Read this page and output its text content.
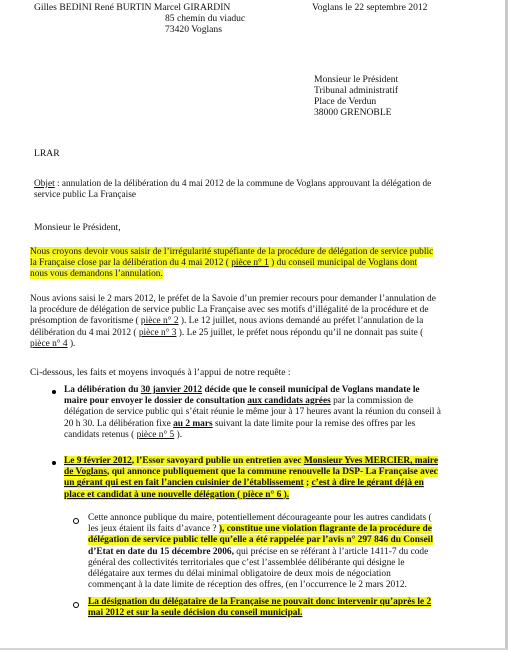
Gilles BEDINI René BURTIN Marcel GIRARDIN
85 chemin du viaduc
73420 Voglans
Voglans le 22 septembre 2012
Monsieur le Président
Tribunal administratif
Place de Verdun
38000 GRENOBLE
LRAR
Objet : annulation de la délibération du 4 mai 2012 de la commune de Voglans approuvant la délégation de
service public La Française
Monsieur le Président,

Nous croyons devoir vous saisir de l’irrégularité stupéfiante de la procédure de délégation de service public

la Française close par la délibération du 4 mai 2012 ( pièce n° 1 ) du conseil municipal de Voglans dont

nous vous demandons l’annulation.

Nous avions saisi le 2 mars 2012, le préfet de la Savoie d’un premier recours pour demander l’annulation de

la procédure de délégation de service public La Française avec ses motifs d’illégalité de la procédure et de

présomption de favoritisme ( pièce n° 2 ). Le 12 juillet, nous avions demandé au préfet l’annulation de la

délibération du 4 mai 2012 ( pièce n° 3 ). Le 25 juillet, le préfet nous répondu qu’il ne donnait pas suite (

pièce n° 4 ).

Ci-dessous, les faits et moyens invoqués à l’appui de notre requête :

La délibération du 30 janvier 2012 décide que le conseil municipal de Voglans mandate le

maire pour envoyer le dossier de consultation aux candidats agrées par la commission de

délégation de service public qui s’était réunie le même jour à 17 heures avant la réunion du conseil à

20 h 30. La délibération fixe au 2 mars suivant la date limite pour la remise des offres par les

candidats retenus ( pièce n° 5 ).

Le 9 février 2012, l’Essor savoyard publie un entretien avec Monsieur Yves MERCIER, maire

de Voglans, qui annonce publiquement que la commune renouvelle la DSP- La Française avec

un gérant qui est en fait l’ancien cuisinier de l’établissement ; c’est à dire le gérant déjà en

place et candidat à une nouvelle délégation ( pièce n° 6 ).

Cette annonce publique du maire, potentiellement décourageante pour les autres candidats (

les jeux étaient ils faits d’avance ? ), constitue une violation flagrante de la procédure de

délégation de service public telle qu’elle a été rappelée par l’avis n° 297 846 du Conseil

d’Etat en date du 15 décembre 2006, qui précise en se référant à l’article 1411-7 du code

général des collectivités territoriales que c’est l’assemblée délibérante qui désigne le

délégataire aux termes du délai minimal obligatoire de deux mois de négociation

commençant à la date limite de réception des offres, (en l’occurrence le 2 mars 2012.

La désignation du délégataire de la Française ne pouvait donc intervenir qu’après le 2

mai 2012 et sur la seule décision du conseil municipal.
